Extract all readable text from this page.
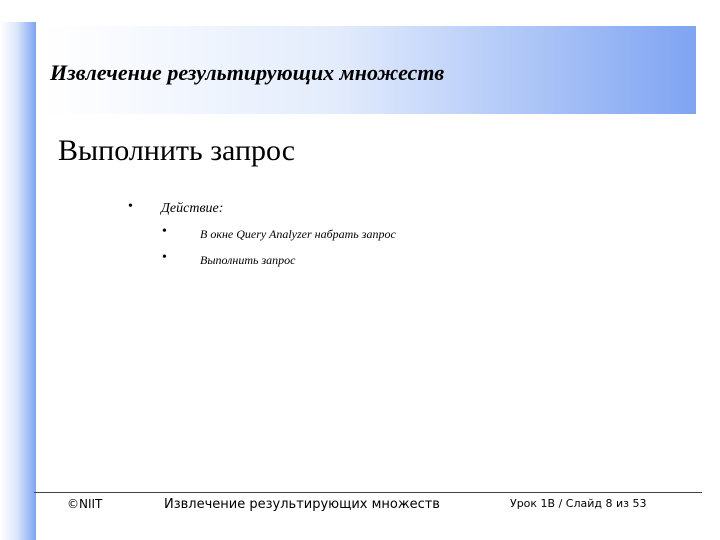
Извлечение результирующих множеств
Выполнить запрос
• Действие:
•	В окне Query Analyzer набрать запрос
•	Выполнить запрос
©NIIT	Извлечение результирующих множеств	Урок 1B / Слайд 8 из 53
